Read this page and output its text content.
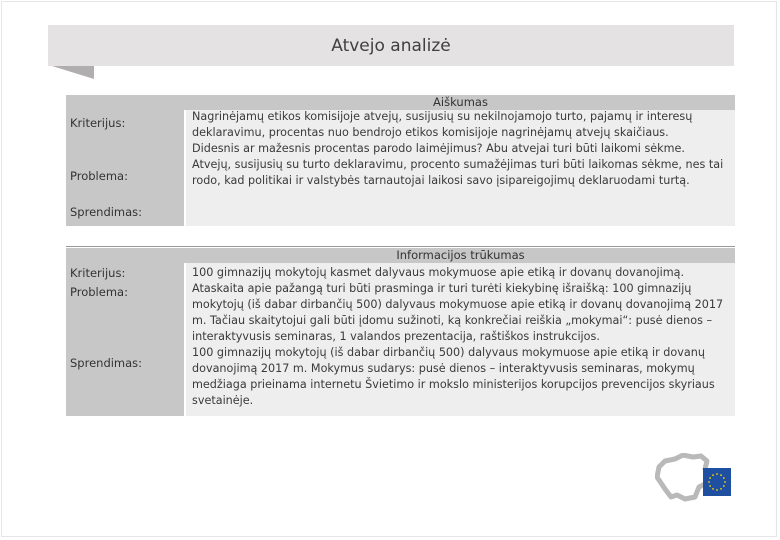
Atvejo analizė
Aiškumas
Kriterijus:
Problema:
Sprendimas:

Nagrinėjamų etikos komisijoje atvejų, susijusių su nekilnojamojo turto, pajamų ir interesų deklaravimu, procentas nuo bendrojo etikos komisijoje nagrinėjamų atvejų skaičiaus.

Didesnis ar mažesnis procentas parodo laimėjimus? Abu atvejai turi būti laikomi sėkme.

Atvejų, susijusių su turto deklaravimu, procento sumažėjimas turi būti laikomas sėkme, nes tai rodo, kad politikai ir valstybės tarnautojai laikosi savo įsipareigojimų deklaruodami turtą.

Informacijos trūkumas
Kriterijus:
Problema:
Sprendimas:

100 gimnazijų mokytojų kasmet dalyvaus mokymuose apie etiką ir dovanų dovanojimą.

Ataskaita apie pažangą turi būti prasminga ir turi turėti kiekybinę išraišką: 100 gimnazijų mokytojų (iš dabar dirbančių 500) dalyvaus mokymuose apie etiką ir dovanų dovanojimą 2017 m. Tačiau skaitytojui gali būti įdomu sužinoti, ką konkrečiai reiškia „mokymai“: pusė dienos – interaktyvusis seminaras, 1 valandos prezentacija, raštiškos instrukcijos.

100 gimnazijų mokytojų (iš dabar dirbančių 500) dalyvaus mokymuose apie etiką ir dovanų dovanojimą 2017 m. Mokymus sudarys: pusė dienos – interaktyvusis seminaras, mokymų medžiaga prieinama internetu Švietimo ir mokslo ministerijos korupcijos prevencijos skyriaus svetainėje.
